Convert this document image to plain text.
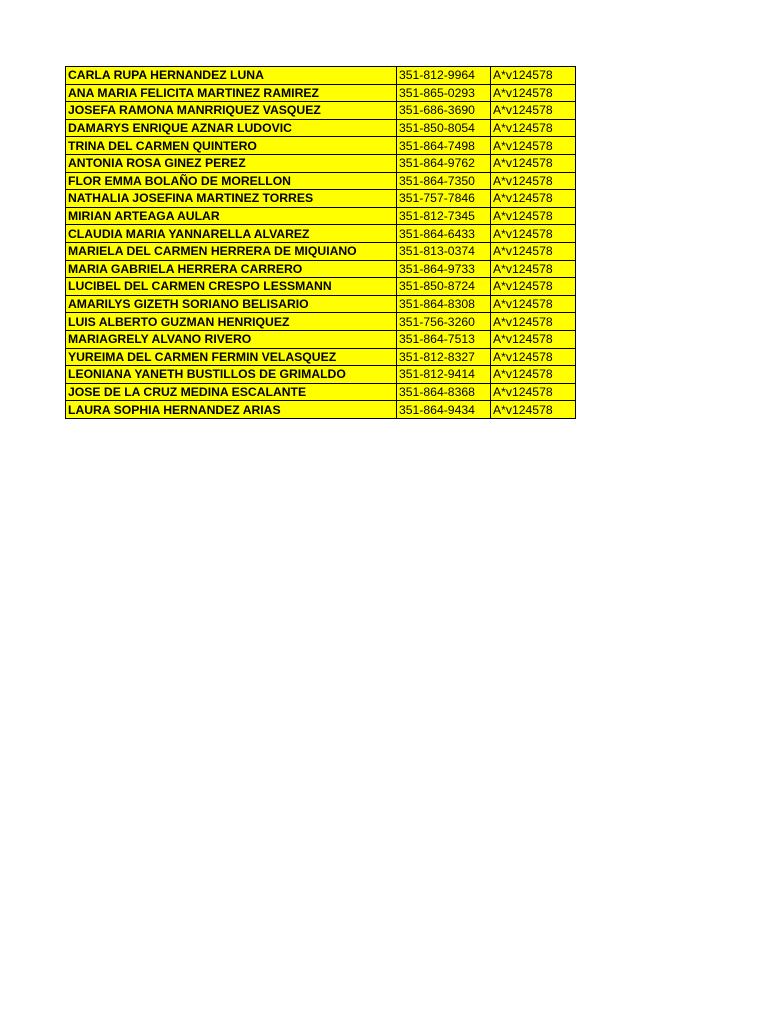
CARLA RUPA HERNANDEZ LUNA	351-812-9964	A*v124578
ANA MARIA FELICITA MARTINEZ RAMIREZ	351-865-0293	A*v124578
JOSEFA RAMONA MANRRIQUEZ VASQUEZ	351-686-3690	A*v124578
DAMARYS ENRIQUE AZNAR LUDOVIC	351-850-8054	A*v124578
TRINA DEL CARMEN QUINTERO	351-864-7498	A*v124578
ANTONIA ROSA GINEZ PEREZ	351-864-9762	A*v124578
FLOR EMMA BOLAÑO DE MORELLON	351-864-7350	A*v124578
NATHALIA JOSEFINA MARTINEZ TORRES	351-757-7846	A*v124578
MIRIAN ARTEAGA AULAR	351-812-7345	A*v124578
CLAUDIA MARIA YANNARELLA ALVAREZ	351-864-6433	A*v124578
MARIELA DEL CARMEN HERRERA DE MIQUIANO	351-813-0374	A*v124578
MARIA GABRIELA HERRERA CARRERO	351-864-9733	A*v124578
LUCIBEL DEL CARMEN CRESPO LESSMANN	351-850-8724	A*v124578
AMARILYS GIZETH SORIANO BELISARIO	351-864-8308	A*v124578
LUIS ALBERTO GUZMAN HENRIQUEZ	351-756-3260	A*v124578
MARIAGRELY ALVANO RIVERO	351-864-7513	A*v124578
YUREIMA DEL CARMEN FERMIN VELASQUEZ	351-812-8327	A*v124578
LEONIANA YANETH BUSTILLOS DE GRIMALDO	351-812-9414	A*v124578
JOSE DE LA CRUZ MEDINA ESCALANTE	351-864-8368	A*v124578
LAURA SOPHIA HERNANDEZ ARIAS	351-864-9434	A*v124578
